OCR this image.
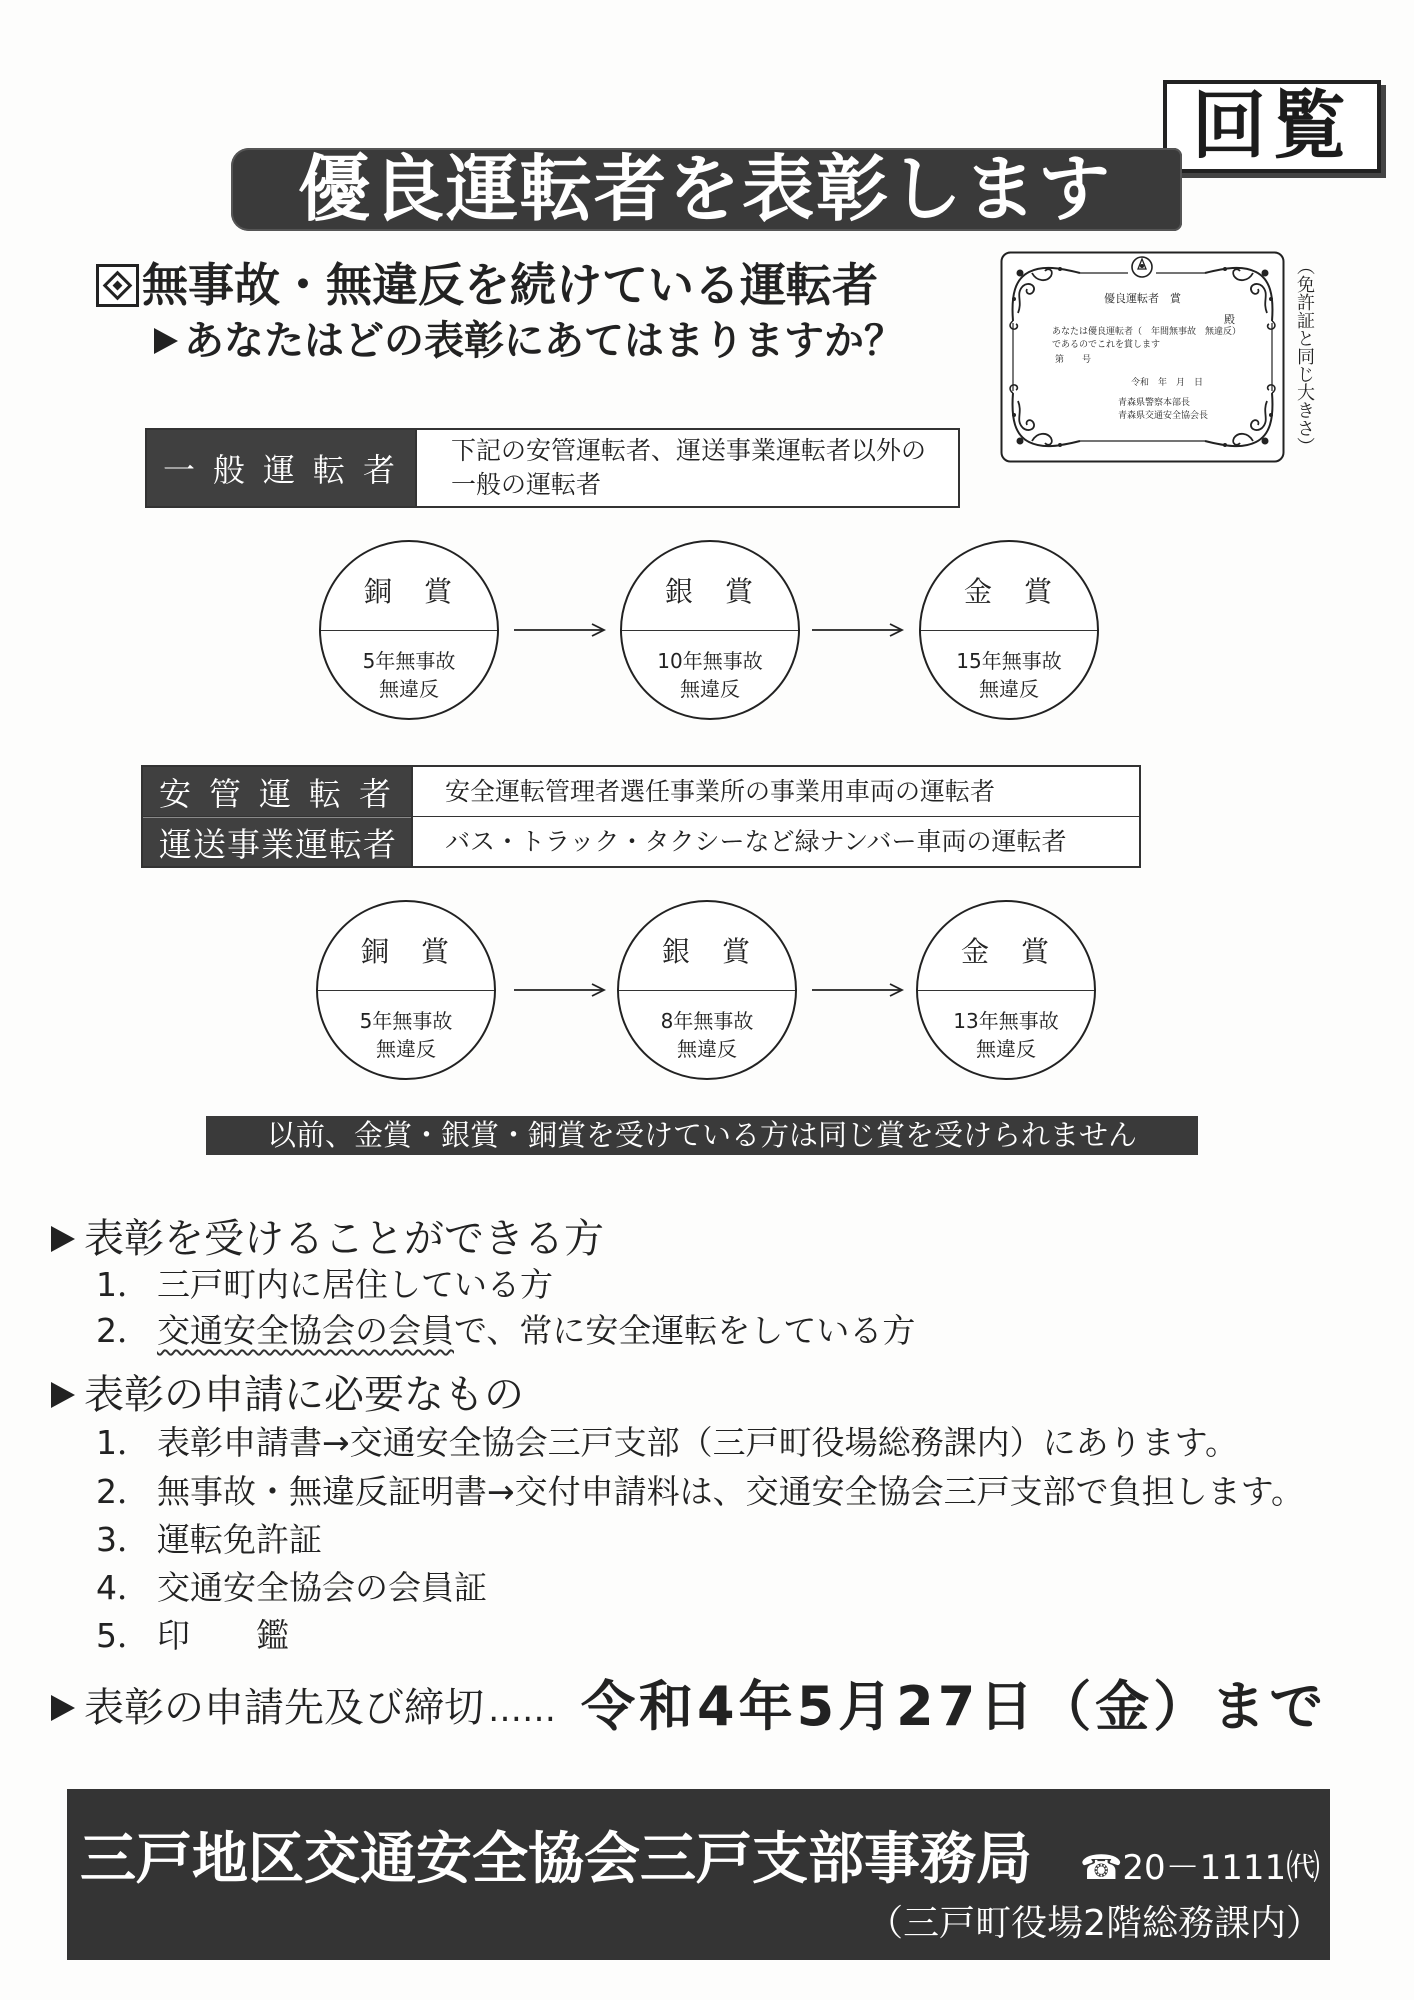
回覧
優良運転者を表彰します
無事故・無違反を続けている運転者
あなたはどの表彰にあてはまりますか？
優良運転者　賞
殿
あなたは優良運転者（　年間無事故　無違反）
であるのでこれを賞します
第　　号
令和　年　月　日
青森県警察本部長
青森県交通安全協会長	（免許証と同じ大きさ）
一般運転者
下記の安管運転者、運送事業運転者以外の
一般の運転者
銅　賞
5年無事故
無違反
銀　賞
10年無事故
無違反
金　賞
15年無事故
無違反
安管運転者	安全運転管理者選任事業所の事業用車両の運転者
運送事業運転者	バス・トラック・タクシーなど緑ナンバー車両の運転者
銅　賞
5年無事故
無違反
銀　賞
8年無事故
無違反
金　賞
13年無事故
無違反
以前、金賞・銀賞・銅賞を受けている方は同じ賞を受けられません
表彰を受けることができる方
1． 三戸町内に居住している方
2． 交通安全協会の会員で、常に安全運転をしている方
表彰の申請に必要なもの
1． 表彰申請書→交通安全協会三戸支部（三戸町役場総務課内）にあります。
2． 無事故・無違反証明書→交付申請料は、交通安全協会三戸支部で負担します。
3． 運転免許証
4． 交通安全協会の会員証
5． 印　　鑑
表彰の申請先及び締切 …… 令和4年5月27日（金）まで
三戸地区交通安全協会三戸支部事務局 ☎20－1111㈹
（三戸町役場2階総務課内）
